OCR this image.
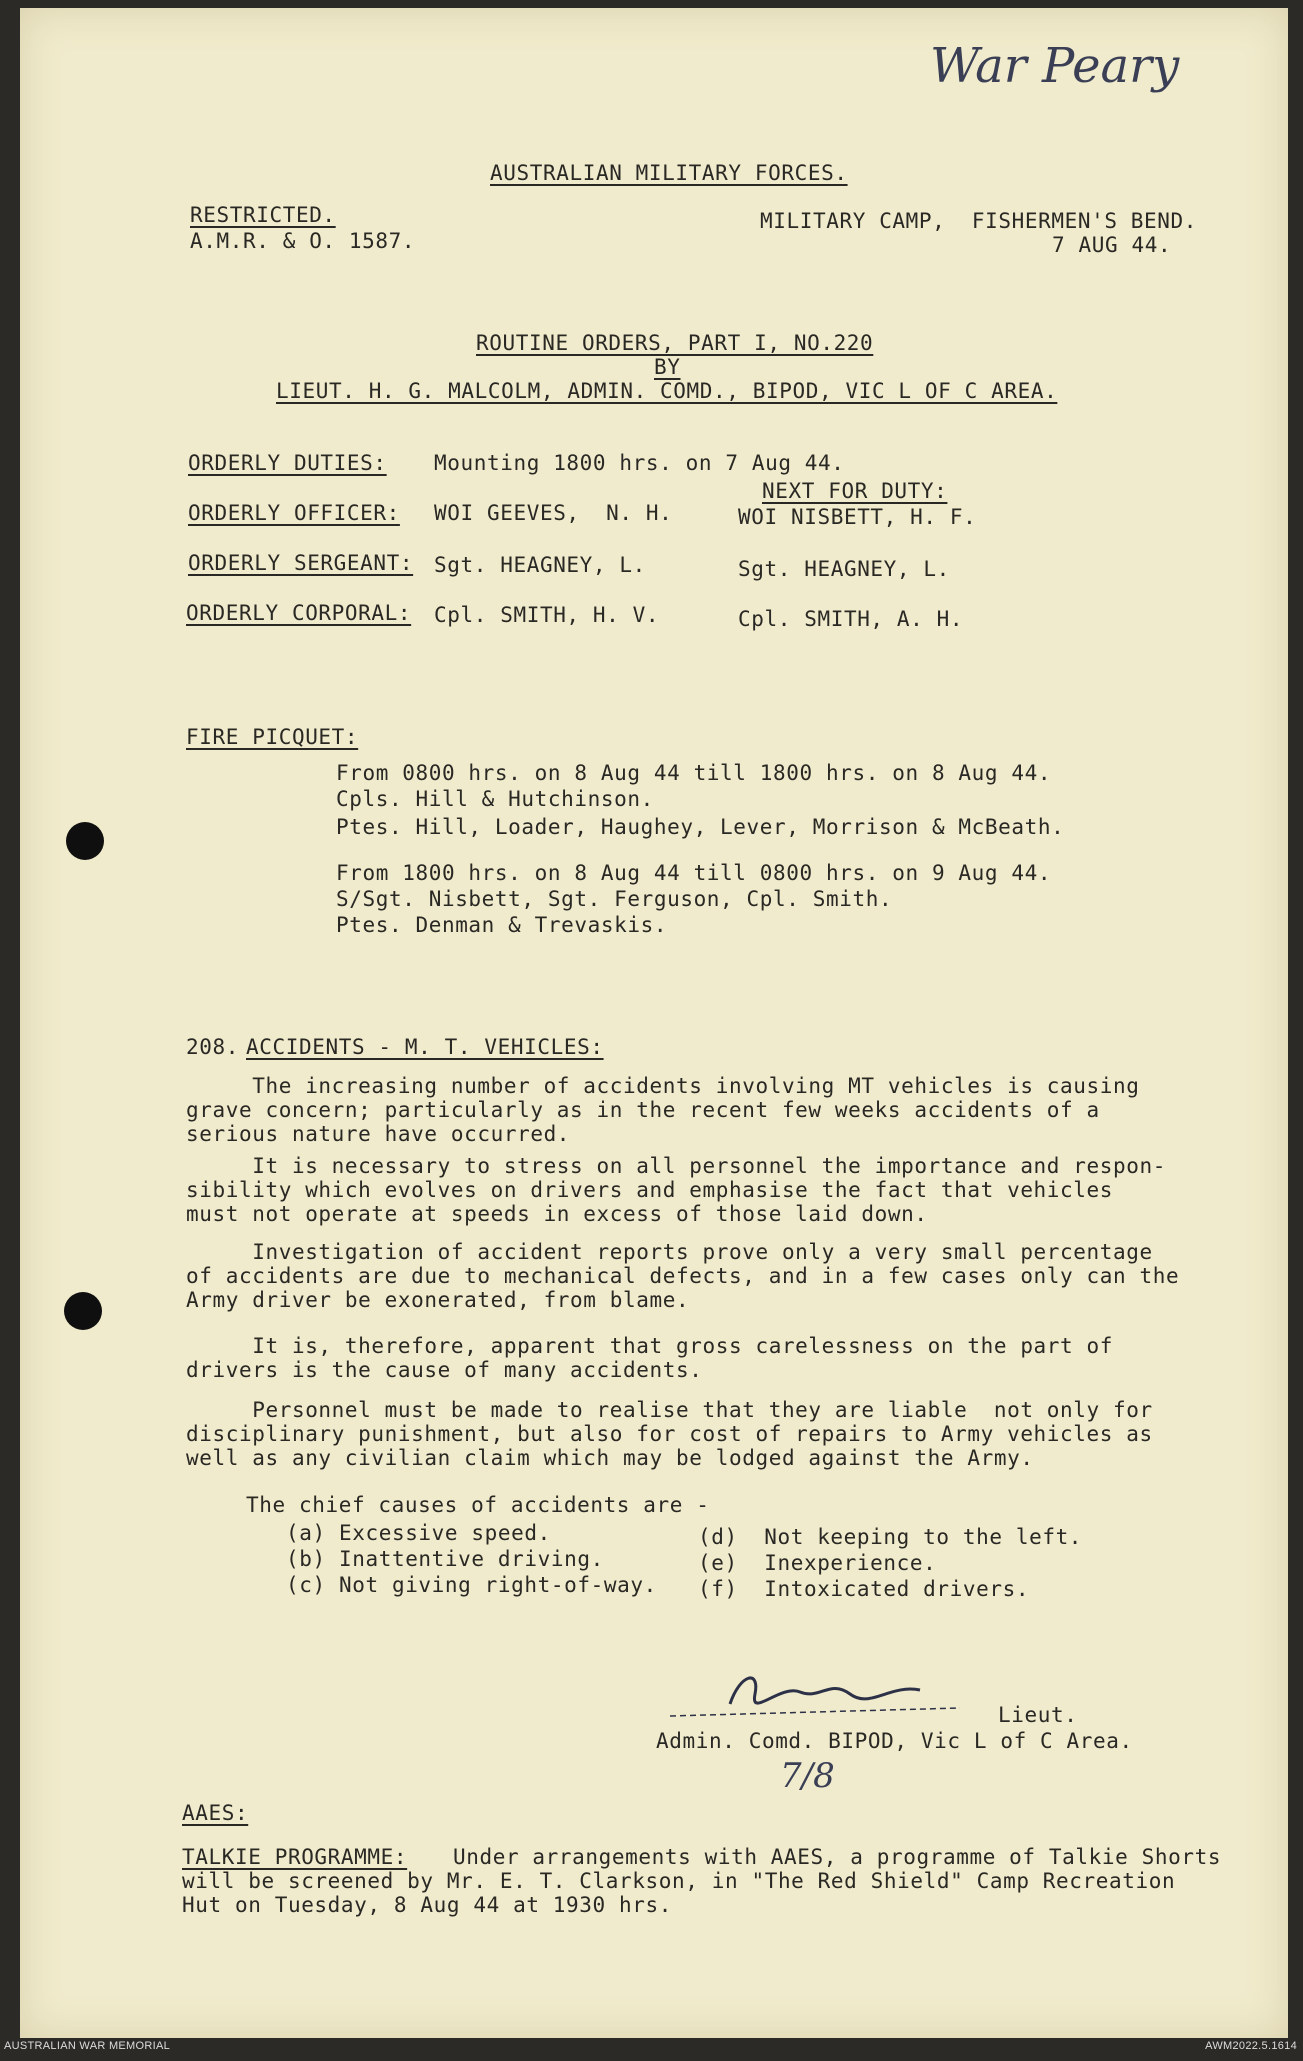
War Peary
AUSTRALIAN MILITARY FORCES.
RESTRICTED.
A.M.R. & O. 1587.
MILITARY CAMP,  FISHERMEN'S BEND.
7 AUG 44.
ROUTINE ORDERS, PART I, NO.220
BY
LIEUT. H. G. MALCOLM, ADMIN. COMD., BIPOD, VIC L OF C AREA.
ORDERLY DUTIES: Mounting 1800 hrs. on 7 Aug 44.
NEXT FOR DUTY:
ORDERLY OFFICER: WOI GEEVES,  N. H.	WOI NISBETT, H. F.
ORDERLY SERGEANT: Sgt. HEAGNEY, L.	Sgt. HEAGNEY, L.
ORDERLY CORPORAL: Cpl. SMITH, H. V.	Cpl. SMITH, A. H.
FIRE PICQUET:
From 0800 hrs. on 8 Aug 44 till 1800 hrs. on 8 Aug 44.
Cpls. Hill & Hutchinson.
Ptes. Hill, Loader, Haughey, Lever, Morrison & McBeath.
From 1800 hrs. on 8 Aug 44 till 0800 hrs. on 9 Aug 44.
S/Sgt. Nisbett, Sgt. Ferguson, Cpl. Smith.
Ptes. Denman & Trevaskis.
208. ACCIDENTS - M. T. VEHICLES:
The increasing number of accidents involving MT vehicles is causing
grave concern; particularly as in the recent few weeks accidents of a
serious nature have occurred.
It is necessary to stress on all personnel the importance and respon-
sibility which evolves on drivers and emphasise the fact that vehicles
must not operate at speeds in excess of those laid down.
Investigation of accident reports prove only a very small percentage
of accidents are due to mechanical defects, and in a few cases only can the
Army driver be exonerated, from blame.
It is, therefore, apparent that gross carelessness on the part of
drivers is the cause of many accidents.
Personnel must be made to realise that they are liable  not only for
disciplinary punishment, but also for cost of repairs to Army vehicles as
well as any civilian claim which may be lodged against the Army.
The chief causes of accidents are -
(a) Excessive speed.
(b) Inattentive driving.
(c) Not giving right-of-way.
(d)  Not keeping to the left.
(e)  Inexperience.
(f)  Intoxicated drivers.
Lieut.
Admin. Comd. BIPOD, Vic L of C Area.
7/8
AAES:
TALKIE PROGRAMME:
Under arrangements with AAES, a programme of Talkie Shorts
will be screened by Mr. E. T. Clarkson, in "The Red Shield" Camp Recreation
Hut on Tuesday, 8 Aug 44 at 1930 hrs.
AUSTRALIAN WAR MEMORIAL	AWM2022.5.1614
